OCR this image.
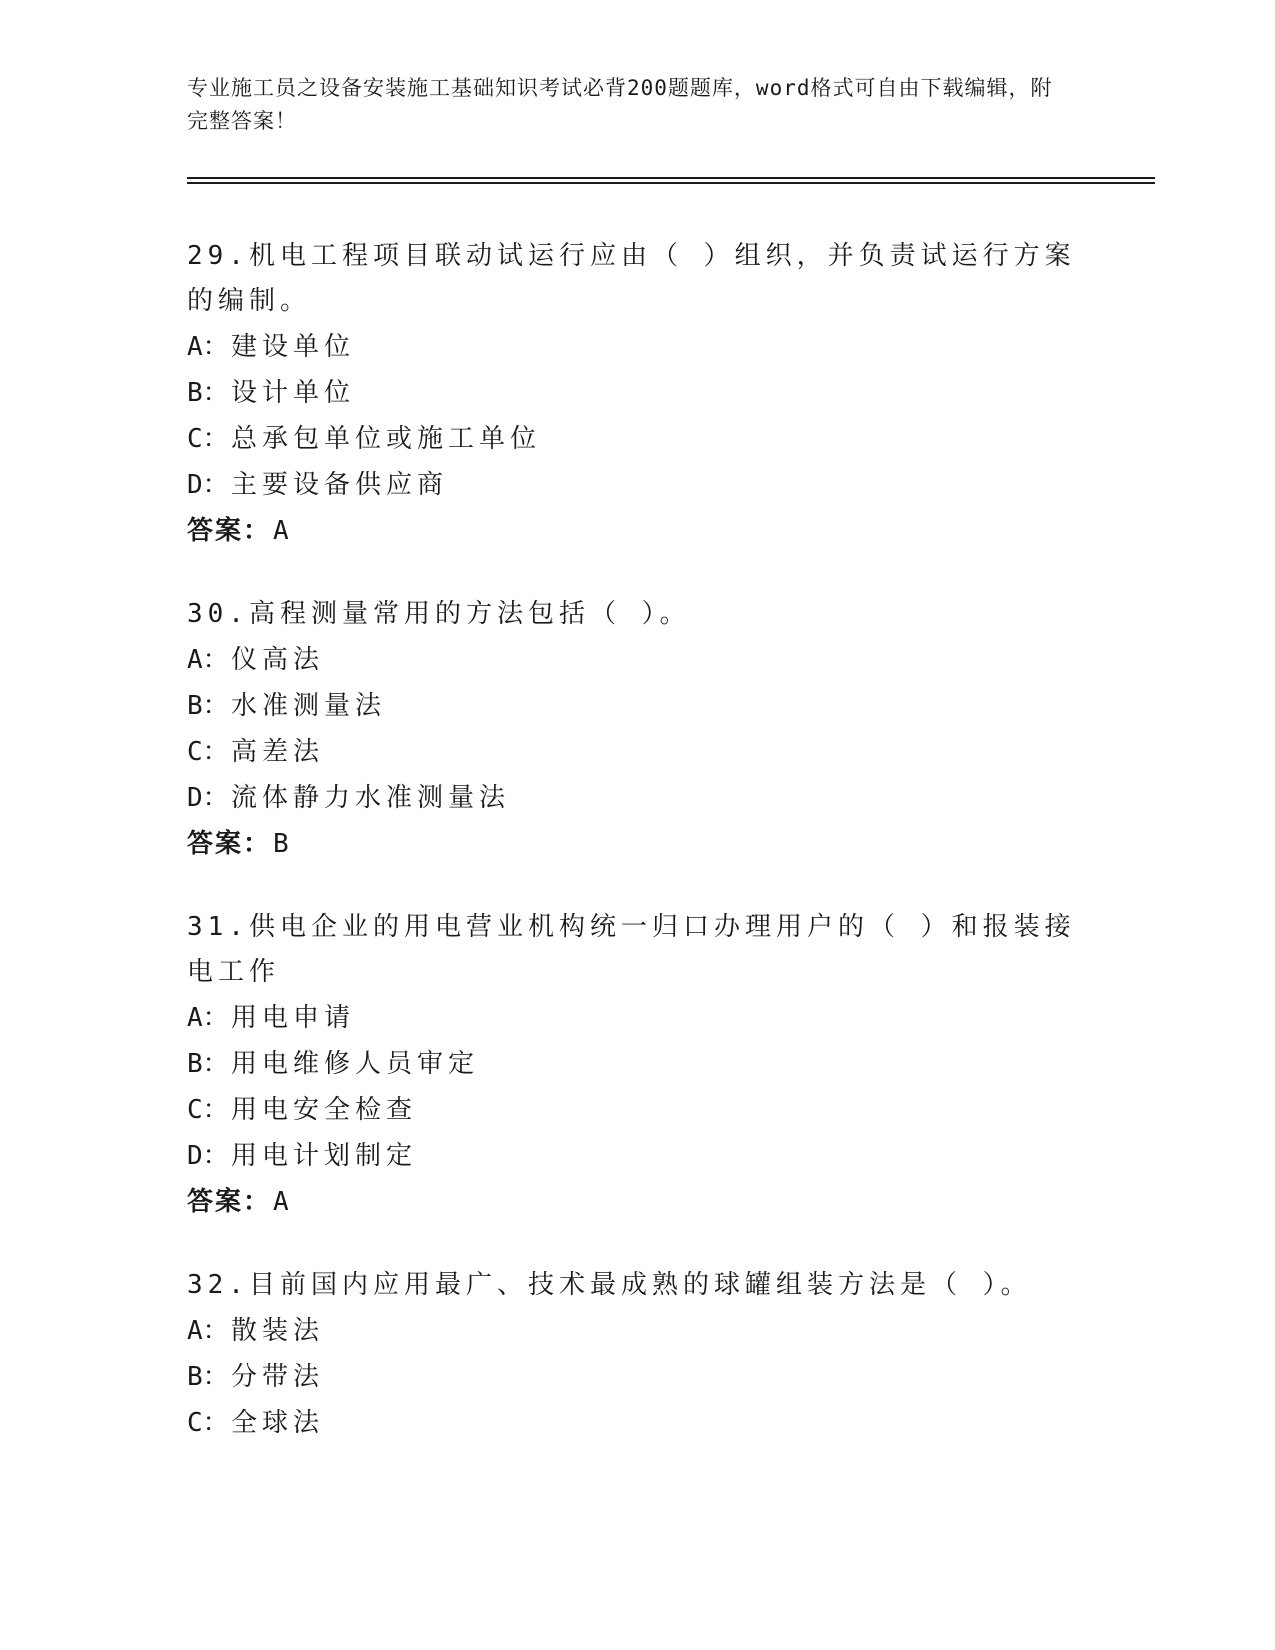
专业施工员之设备安装施工基础知识考试必背200题题库，word格式可自由下载编辑，附完整答案！

29.机电工程项目联动试运行应由（ ）组织，并负责试运行方案的编制。

A： 建设单位

B： 设计单位

C： 总承包单位或施工单位

D： 主要设备供应商

答案：A

30.高程测量常用的方法包括（ ）。

A： 仪高法

B： 水准测量法

C： 高差法

D： 流体静力水准测量法

答案：B

31.供电企业的用电营业机构统一归口办理用户的（ ）和报装接电工作

A： 用电申请

B： 用电维修人员审定

C： 用电安全检查

D： 用电计划制定

答案：A

32.目前国内应用最广、技术最成熟的球罐组装方法是（ ）。

A： 散装法

B： 分带法

C： 全球法
